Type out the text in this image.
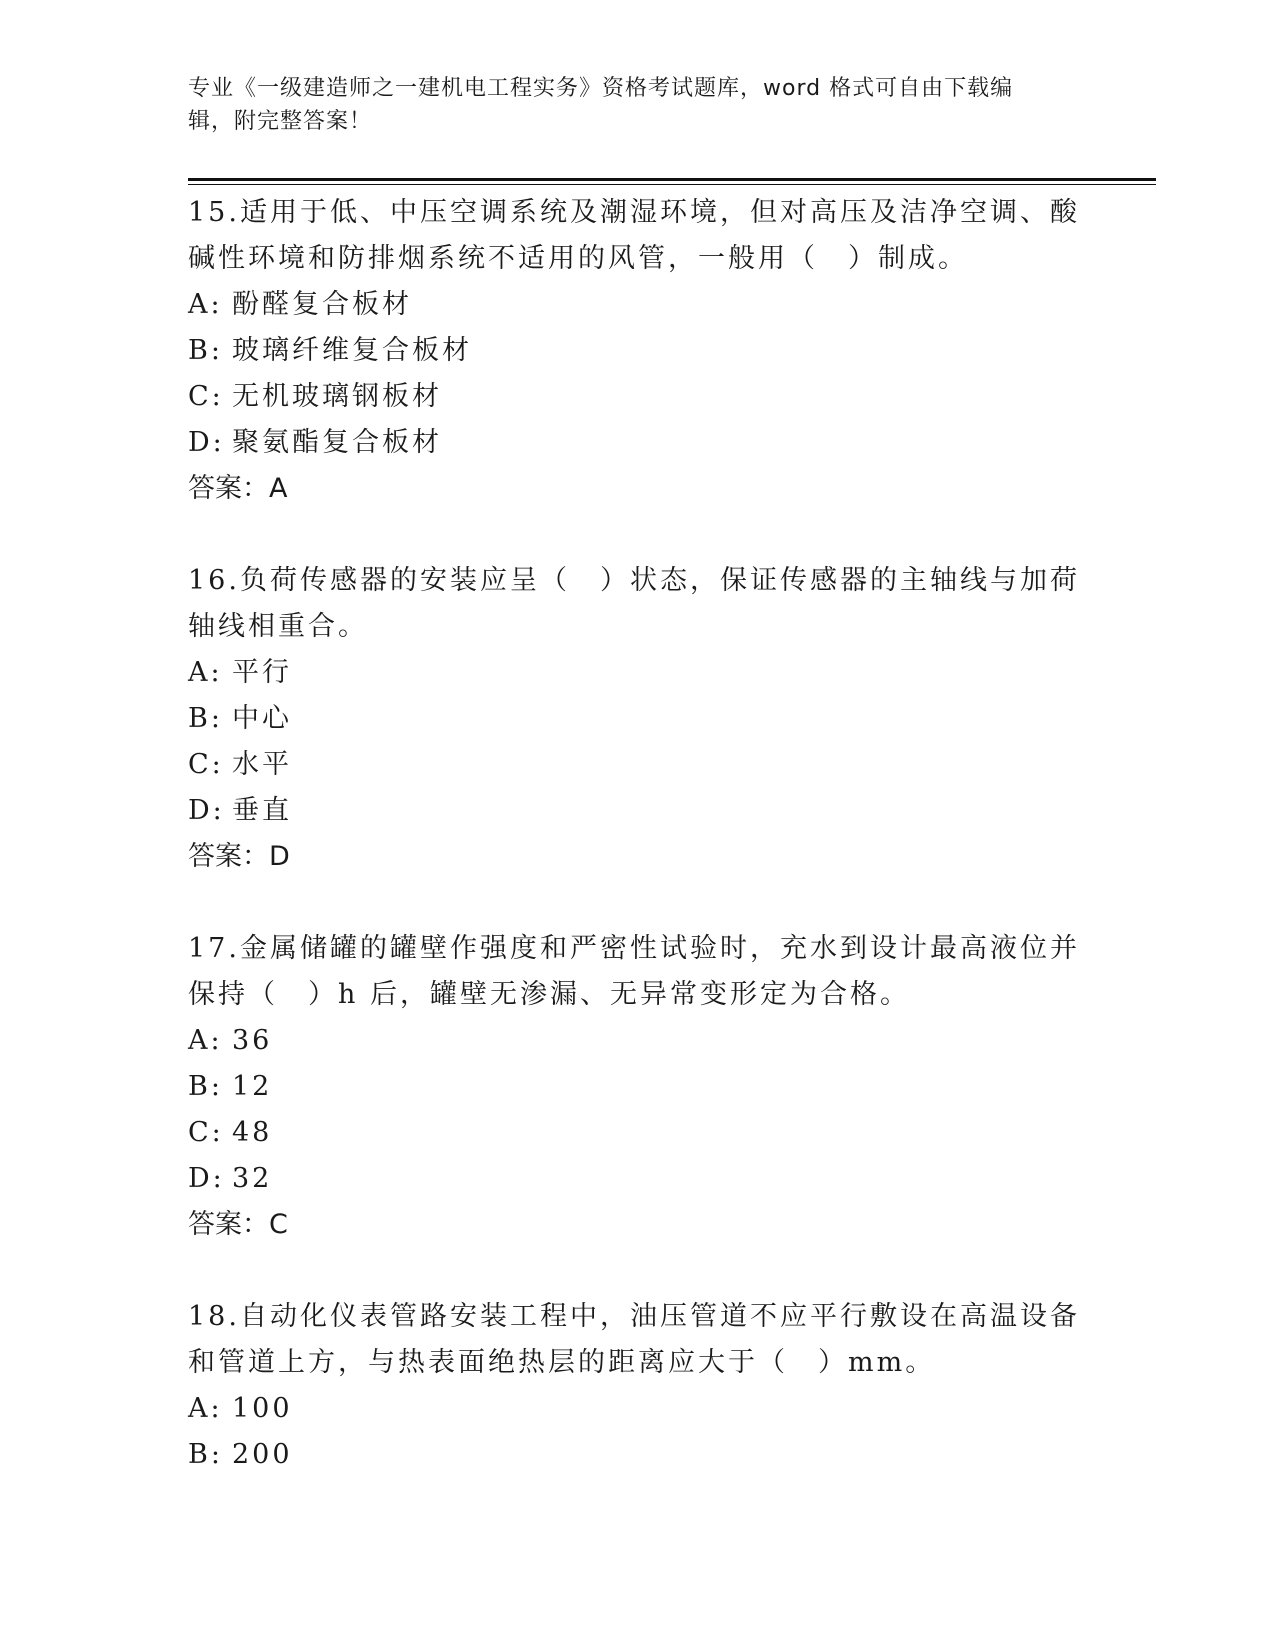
专业《一级建造师之一建机电工程实务》资格考试题库，word 格式可自由下载编
辑，附完整答案！

15.适用于低、中压空调系统及潮湿环境，但对高压及洁净空调、酸碱性环境和防排烟系统不适用的风管，一般用（　）制成。

A: 酚醛复合板材
B: 玻璃纤维复合板材
C: 无机玻璃钢板材
D: 聚氨酯复合板材

答案：A

16.负荷传感器的安装应呈（　）状态，保证传感器的主轴线与加荷轴线相重合。

A: 平行
B: 中心
C: 水平
D: 垂直

答案：D

17.金属储罐的罐壁作强度和严密性试验时，充水到设计最高液位并保持（　）h 后，罐壁无渗漏、无异常变形定为合格。

A: 36
B: 12
C: 48
D: 32

答案：C

18.自动化仪表管路安装工程中，油压管道不应平行敷设在高温设备和管道上方，与热表面绝热层的距离应大于（　）mm。

A: 100
B: 200
